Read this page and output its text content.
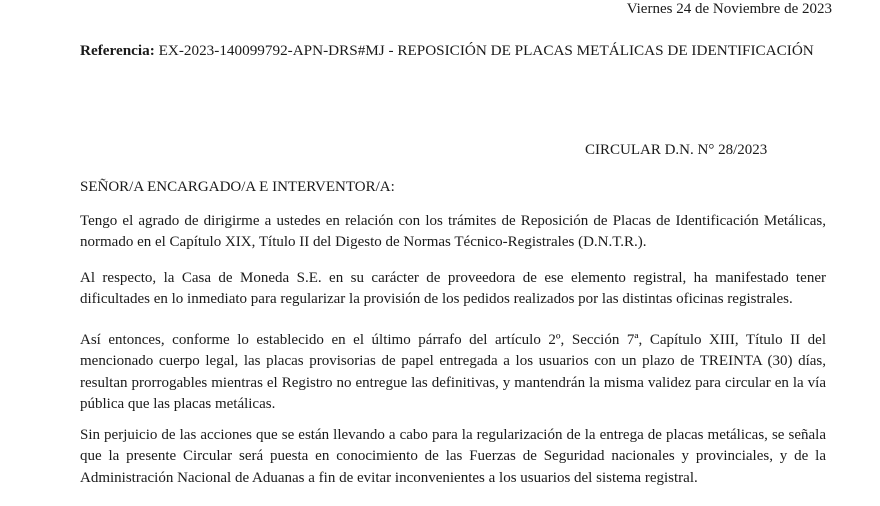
Viernes 24 de Noviembre de 2023
Referencia: EX-2023-140099792-APN-DRS#MJ - REPOSICIÓN DE PLACAS METÁLICAS DE IDENTIFICACIÓN
CIRCULAR D.N. N° 28/2023
SEÑOR/A ENCARGADO/A E INTERVENTOR/A:

Tengo el agrado de dirigirme a ustedes en relación con los trámites de Reposición de Placas de Identificación Metálicas, normado en el Capítulo XIX, Título II del Digesto de Normas Técnico-Registrales (D.N.T.R.).

Al respecto, la Casa de Moneda S.E. en su carácter de proveedora de ese elemento registral, ha manifestado tener dificultades en lo inmediato para regularizar la provisión de los pedidos realizados por las distintas oficinas registrales.

Así entonces, conforme lo establecido en el último párrafo del artículo 2º, Sección 7ª, Capítulo XIII, Título II del mencionado cuerpo legal, las placas provisorias de papel entregada a los usuarios con un plazo de TREINTA (30) días, resultan prorrogables mientras el Registro no entregue las definitivas, y mantendrán la misma validez para circular en la vía pública que las placas metálicas.

Sin perjuicio de las acciones que se están llevando a cabo para la regularización de la entrega de placas metálicas, se señala que la presente Circular será puesta en conocimiento de las Fuerzas de Seguridad nacionales y provinciales, y de la Administración Nacional de Aduanas a fin de evitar inconvenientes a los usuarios del sistema registral.
